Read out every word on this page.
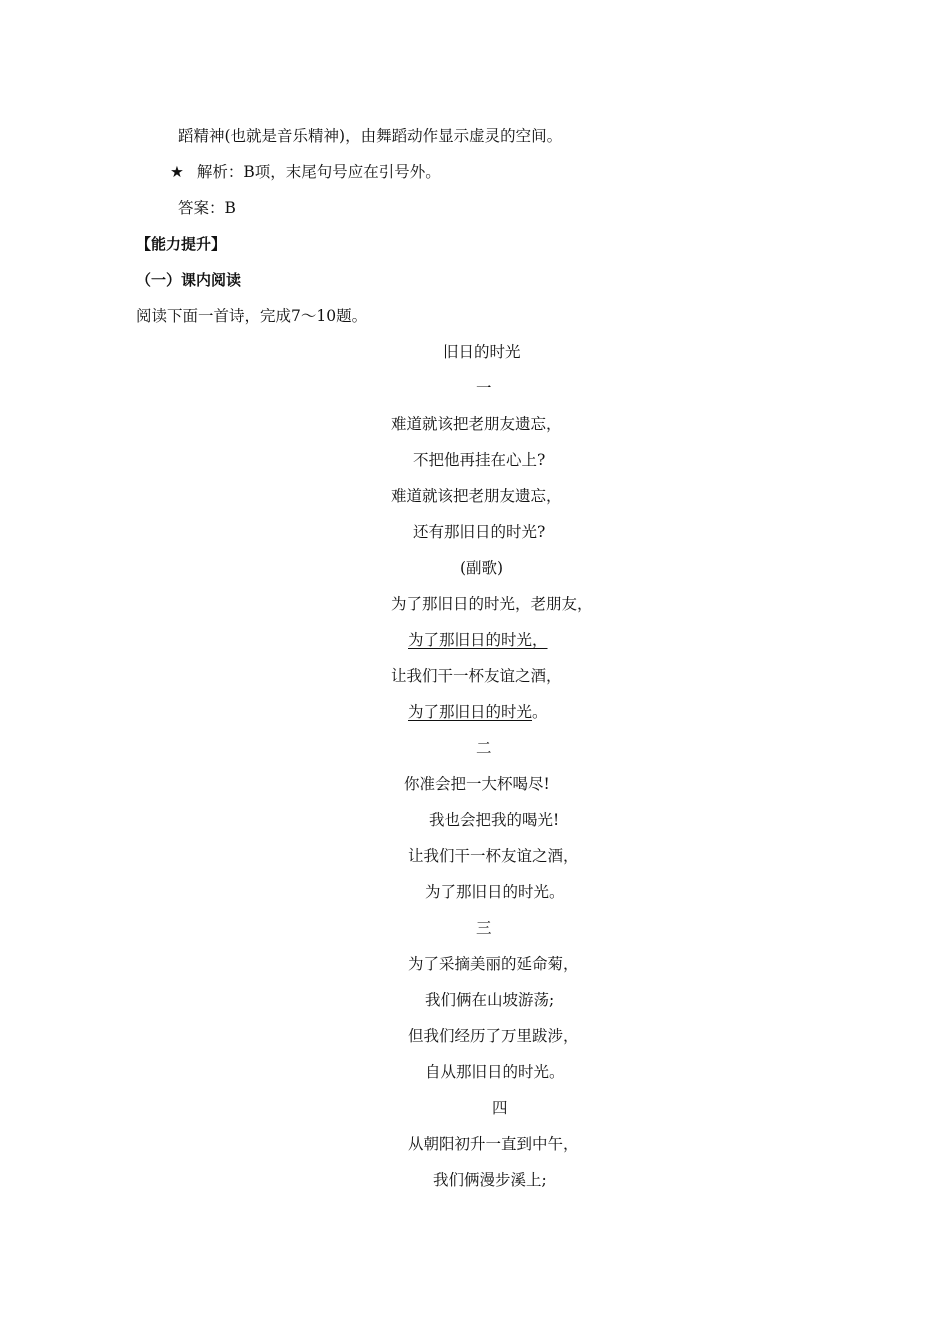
蹈精神(也就是音乐精神)，由舞蹈动作显示虚灵的空间。
★ 解析：B项，末尾句号应在引号外。
答案：B
【能力提升】
（一）课内阅读
阅读下面一首诗，完成7～10题。
旧日的时光
一
难道就该把老朋友遗忘，
不把他再挂在心上?
难道就该把老朋友遗忘，
还有那旧日的时光?
(副歌)
为了那旧日的时光，老朋友，
为了那旧日的时光，
让我们干一杯友谊之酒，
为了那旧日的时光。
二
你准会把一大杯喝尽!
我也会把我的喝光!
让我们干一杯友谊之酒，
为了那旧日的时光。
三
为了采摘美丽的延命菊，
我们俩在山坡游荡;
但我们经历了万里跋涉，
自从那旧日的时光。
四
从朝阳初升一直到中午，
我们俩漫步溪上;
